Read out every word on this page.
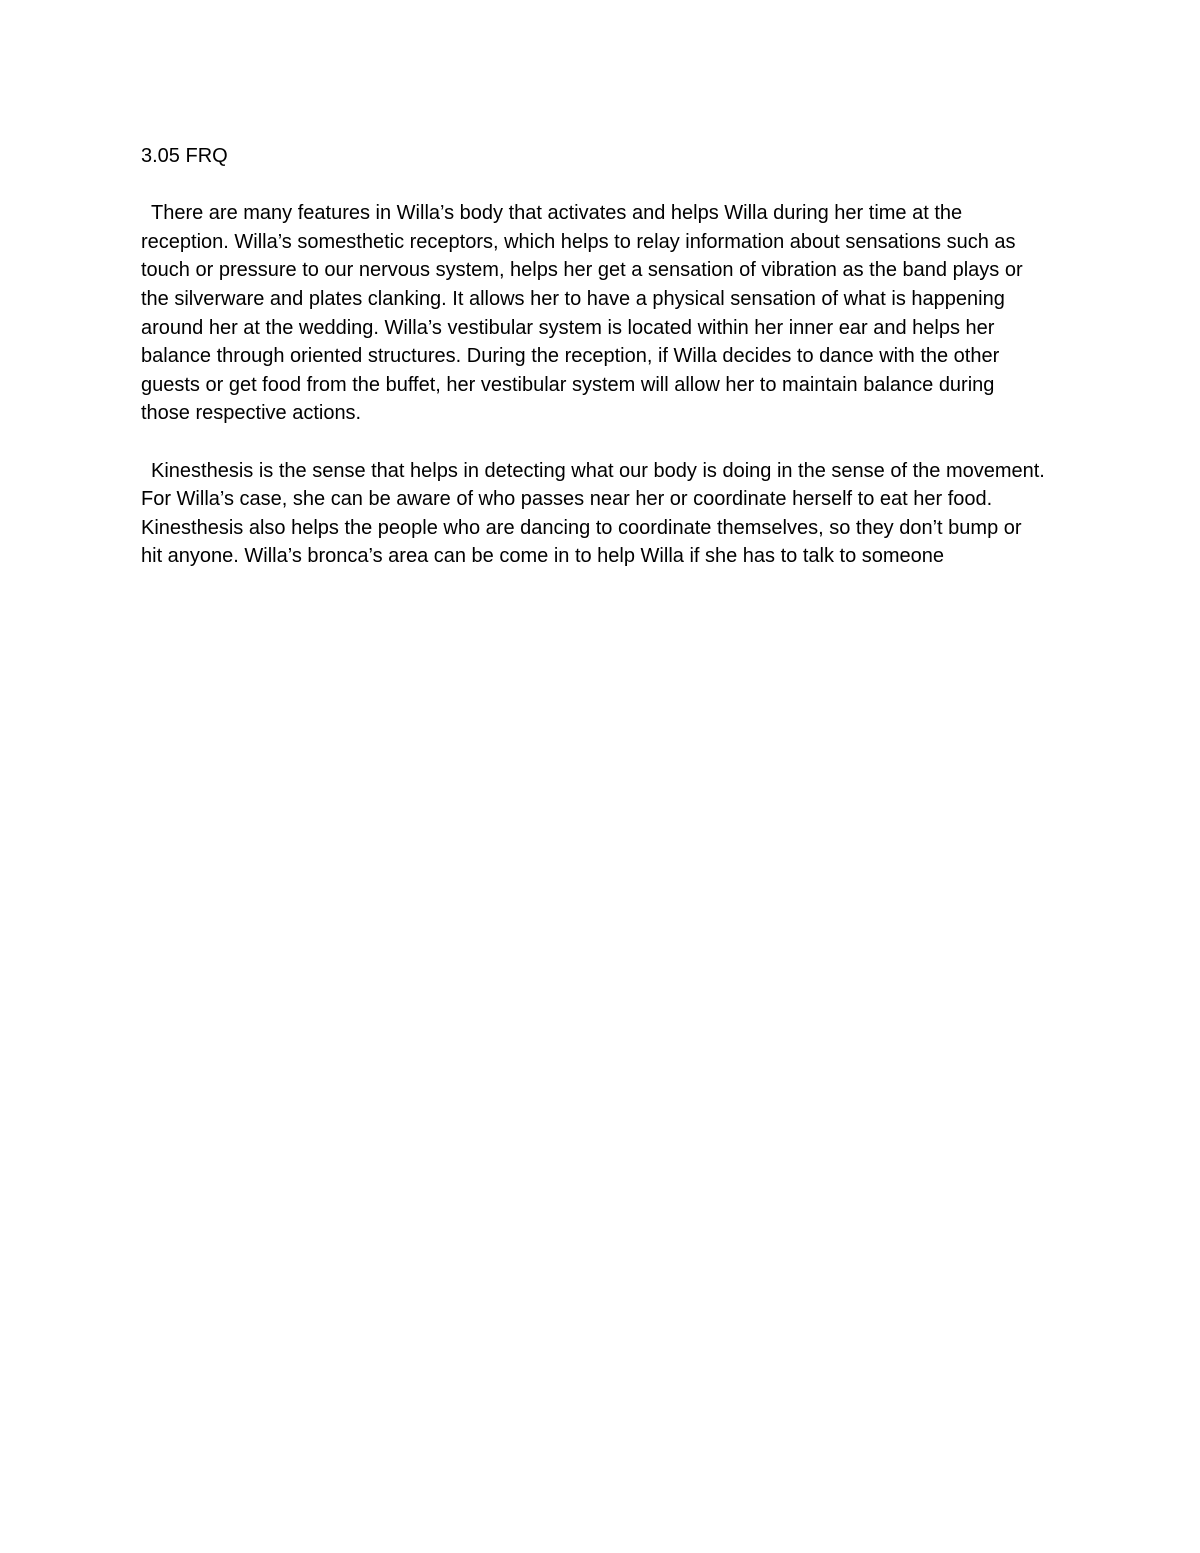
3.05 FRQ

There are many features in Willa’s body that activates and helps Willa during her time at the reception. Willa’s somesthetic receptors, which helps to relay information about sensations such as touch or pressure to our nervous system, helps her get a sensation of vibration as the band plays or the silverware and plates clanking. It allows her to have a physical sensation of what is happening around her at the wedding. Willa’s vestibular system is located within her inner ear and helps her balance through oriented structures. During the reception, if Willa decides to dance with the other guests or get food from the buffet, her vestibular system will allow her to maintain balance during those respective actions.

Kinesthesis is the sense that helps in detecting what our body is doing in the sense of the movement. For Willa’s case, she can be aware of who passes near her or coordinate herself to eat her food. Kinesthesis also helps the people who are dancing to coordinate themselves, so they don’t bump or hit anyone. Willa’s bronca’s area can be come in to help Willa if she has to talk to someone
